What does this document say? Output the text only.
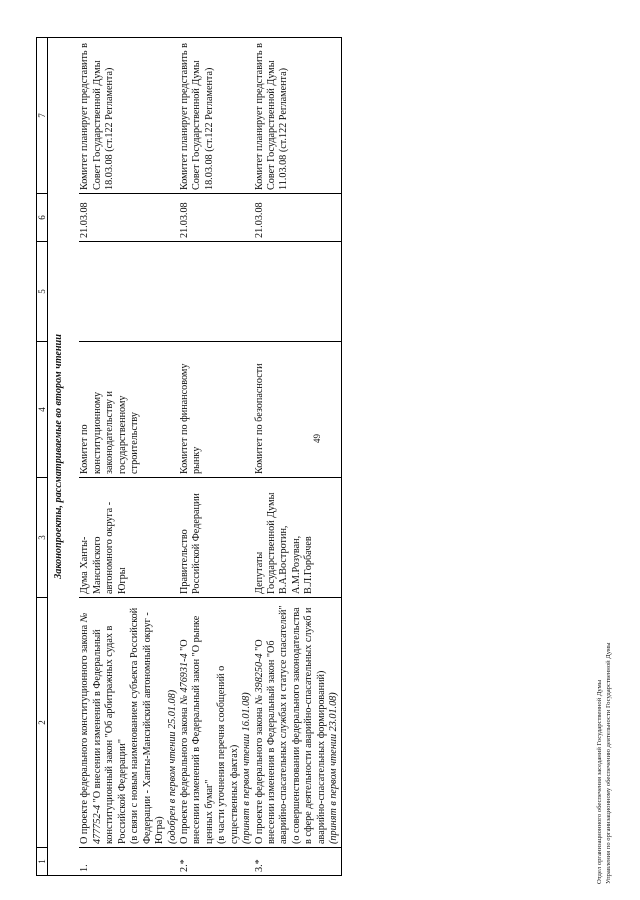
49
1	2	3	4	5	6	7
Законопроекты, рассматриваемые во втором чтении						
1.	О проекте федерального конституционного закона № 477752-4 "О внесении изменений в Федеральный конституционный закон "Об арбитражных судах в Российской Федерации" (в связи с новым наименованием субъекта Российской Федерации - Ханты-Мансийский автономный округ - Югра) (одобрен в первом чтении 25.01.08)	Дума Ханты-Мансийского автономного округа - Югры	Комитет по конституционному законодательству и государственному строительству		21.03.08	Комитет планирует представить в Совет Государственной Думы 18.03.08 (ст.122 Регламента)
2.*	О проекте федерального закона № 476931-4 "О внесении изменений в Федеральный закон "О рынке ценных бумаг" (в части уточнения перечня сообщений о существенных фактах) (принят в первом чтении 16.01.08)	Правительство Российской Федерации	Комитет по финансовому рынку		21.03.08	Комитет планирует представить в Совет Государственной Думы 18.03.08 (ст.122 Регламента)
3.*	О проекте федерального закона № 398250-4 "О внесении изменения в Федеральный закон "Об аварийно-спасательных службах и статусе спасателей" (о совершенствовании федерального законодательства в сфере деятельности аварийно-спасательных служб и аварийно-спасательных формирований) (принят в первом чтении 23.01.08)	Депутаты Государственной Думы В.А.Востротин, А.М.Розуван, В.Л.Горбачев	Комитет по безопасности		21.03.08	Комитет планирует представить в Совет Государственной Думы 11.03.08 (ст.122 Регламента)
Отдел организационного обеспечения заседаний Государственной Думы Управления по организационному обеспечению деятельности Государственной Думы
